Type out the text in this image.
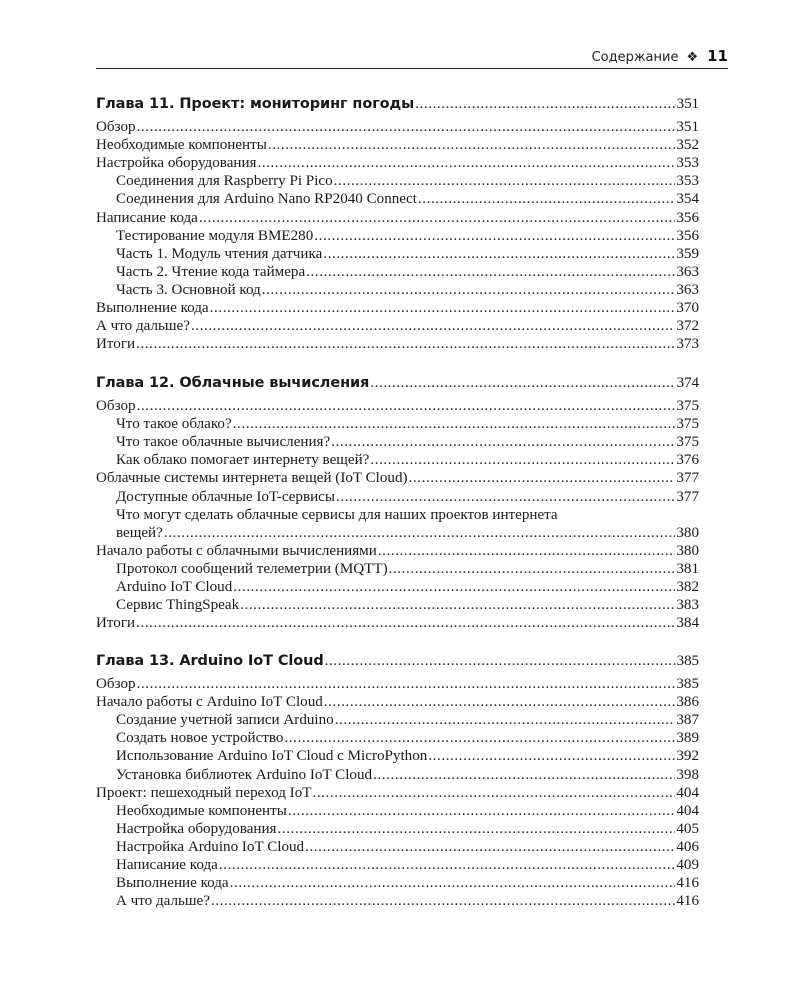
Содержание ❖ 11
Глава 11. Проект: мониторинг погоды .....	351
Обзор .....	351
Необходимые компоненты .....	352
Настройка оборудования .....	353
Соединения для Raspberry Pi Pico .....	353
Соединения для Arduino Nano RP2040 Connect .....	354
Написание кода .....	356
Тестирование модуля BME280 .....	356
Часть 1. Модуль чтения датчика .....	359
Часть 2. Чтение кода таймера .....	363
Часть 3. Основной код .....	363
Выполнение кода .....	370
А что дальше? .....	372
Итоги .....	373
Глава 12. Облачные вычисления .....	374
Обзор .....	375
Что такое облако? .....	375
Что такое облачные вычисления? .....	375
Как облако помогает интернету вещей? .....	376
Облачные системы интернета вещей (IoT Cloud) .....	377
Доступные облачные IoT-сервисы .....	377
Что могут сделать облачные сервисы для наших проектов интернета
вещей? .....	380
Начало работы с облачными вычислениями .....	380
Протокол сообщений телеметрии (MQTT) .....	381
Arduino IoT Cloud .....	382
Сервис ThingSpeak .....	383
Итоги .....	384
Глава 13. Arduino IoT Cloud .....	385
Обзор .....	385
Начало работы с Arduino IoT Cloud .....	386
Создание учетной записи Arduino .....	387
Создать новое устройство .....	389
Использование Arduino IoT Cloud с MicroPython .....	392
Установка библиотек Arduino IoT Cloud .....	398
Проект: пешеходный переход IoT .....	404
Необходимые компоненты .....	404
Настройка оборудования .....	405
Настройка Arduino IoT Cloud .....	406
Написание кода .....	409
Выполнение кода .....	416
А что дальше? .....	416
